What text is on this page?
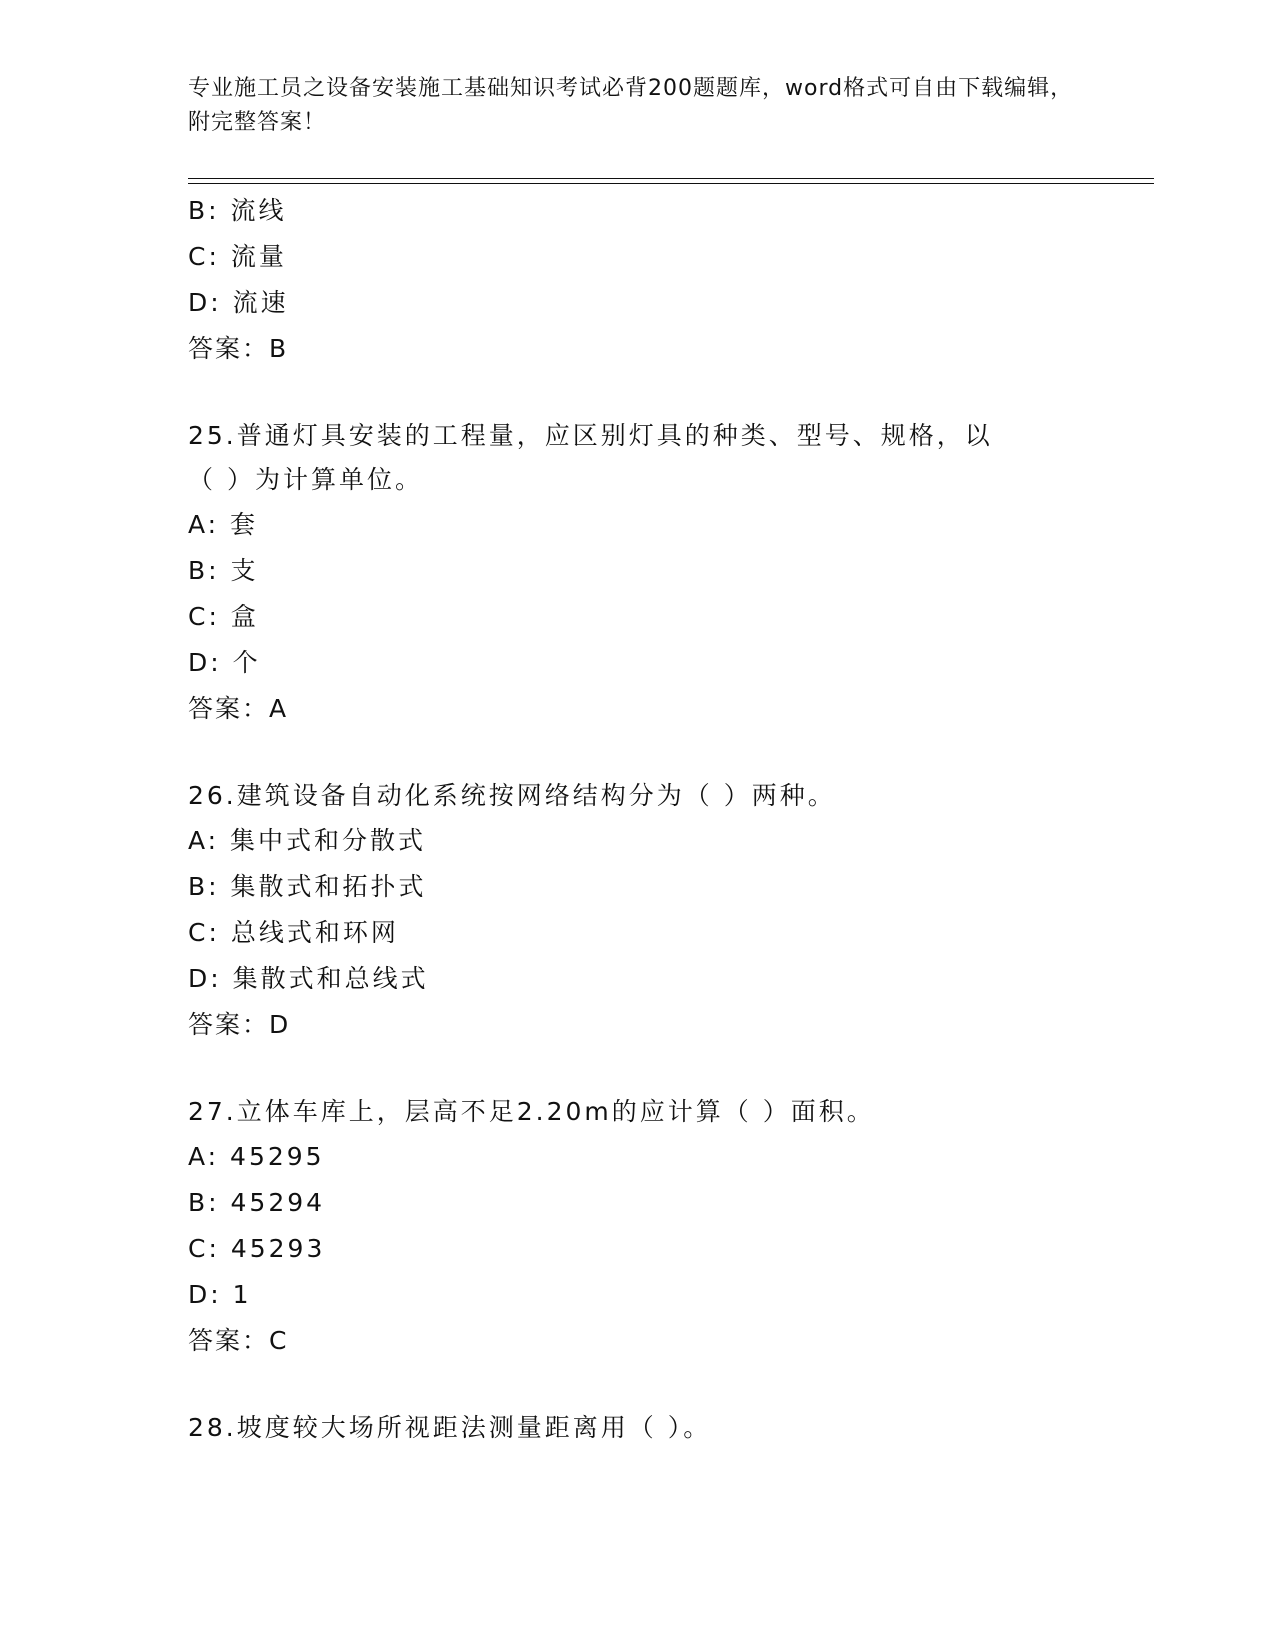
专业施工员之设备安装施工基础知识考试必背200题题库，word格式可自由下载编辑，附完整答案！
B: 流线
C: 流量
D: 流速
答案：B
25.普通灯具安装的工程量，应区别灯具的种类、型号、规格，以（ ）为计算单位。
A: 套
B: 支
C: 盒
D: 个
答案：A
26.建筑设备自动化系统按网络结构分为（ ）两种。
A: 集中式和分散式
B: 集散式和拓扑式
C: 总线式和环网
D: 集散式和总线式
答案：D
27.立体车库上，层高不足2.20m的应计算（ ）面积。
A: 45295
B: 45294
C: 45293
D: 1
答案：C
28.坡度较大场所视距法测量距离用（ ）。
